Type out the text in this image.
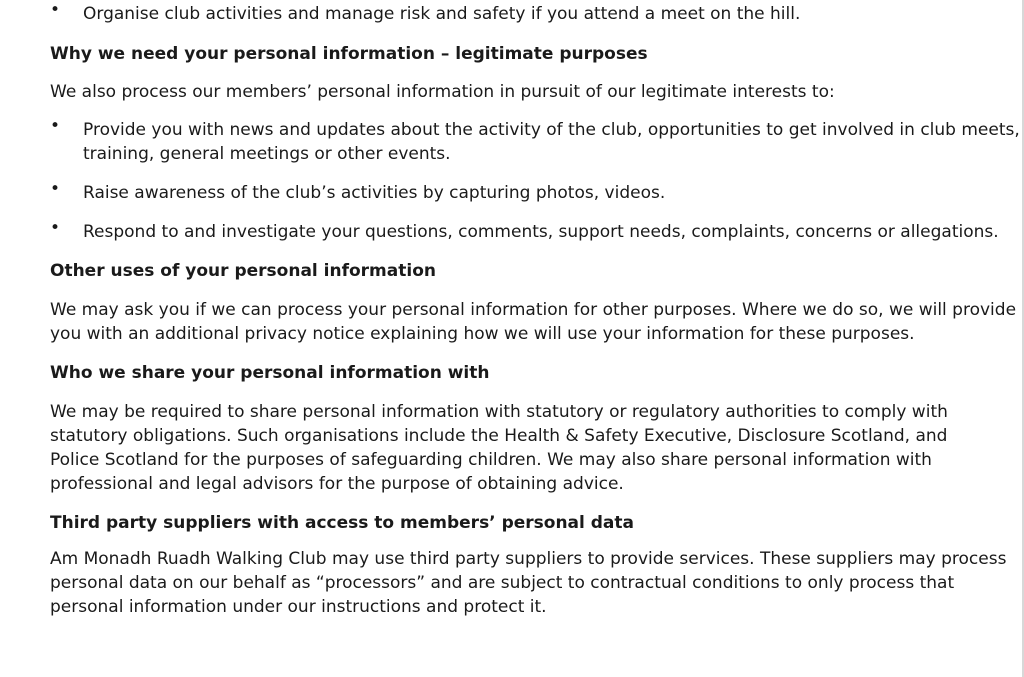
• Organise club activities and manage risk and safety if you attend a meet on the hill.
Why we need your personal information – legitimate purposes
We also process our members’ personal information in pursuit of our legitimate interests to:
• Provide you with news and updates about the activity of the club, opportunities to get involved in club meets, training, general meetings or other events.
• Raise awareness of the club’s activities by capturing photos, videos.
• Respond to and investigate your questions, comments, support needs, complaints, concerns or allegations.
Other uses of your personal information
We may ask you if we can process your personal information for other purposes. Where we do so, we will provide you with an additional privacy notice explaining how we will use your information for these purposes.
Who we share your personal information with
We may be required to share personal information with statutory or regulatory authorities to comply with statutory obligations. Such organisations include the Health & Safety Executive, Disclosure Scotland, and Police Scotland for the purposes of safeguarding children. We may also share personal information with professional and legal advisors for the purpose of obtaining advice.
Third party suppliers with access to members’ personal data
Am Monadh Ruadh Walking Club may use third party suppliers to provide services. These suppliers may process personal data on our behalf as “processors” and are subject to contractual conditions to only process that personal information under our instructions and protect it.
